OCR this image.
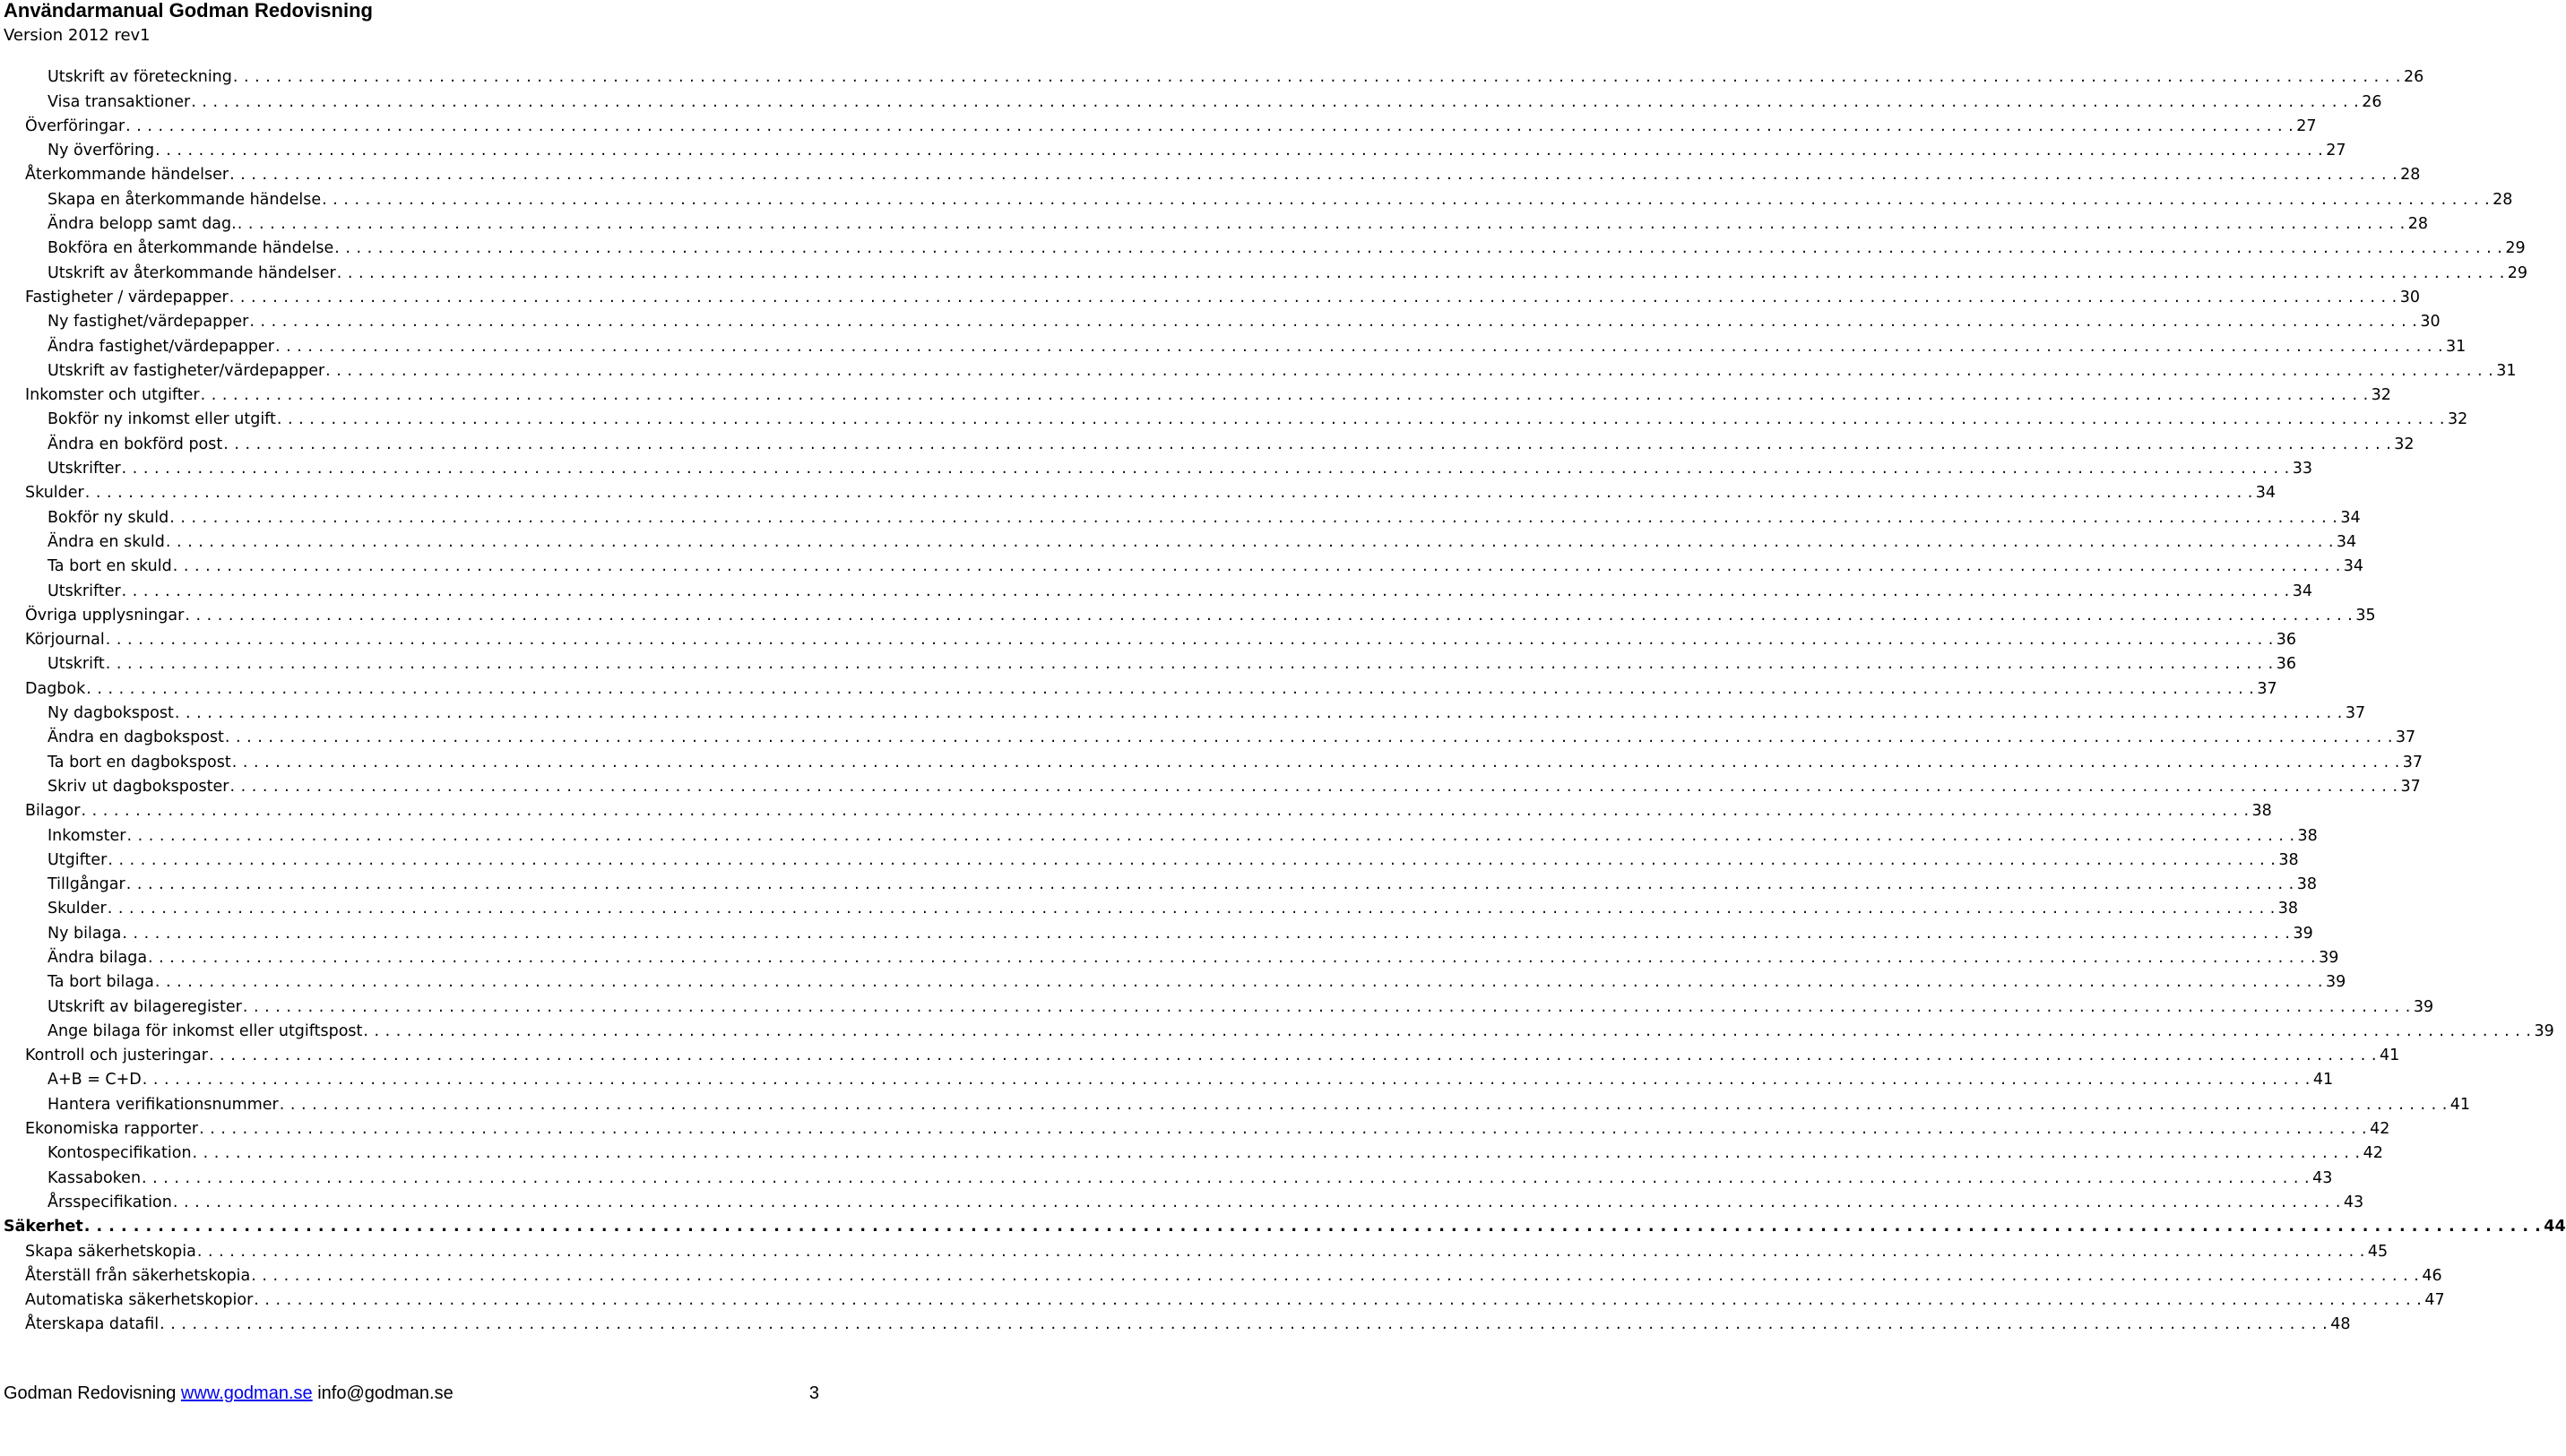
Användarmanual Godman Redovisning
Version 2012 rev1
Utskrift av företeckning . . . . . . . . . . . . . . . . . . . . . . . . . . . . . . . . . . . . . . . . . . . . . . . . . . . . . . . . . . . . . . . . . . . . . . . . . . . . . . . . . . . . . . . . . . . . . . . . . . . . . . . . . . . . . . . . . . . . . . . . . . . . . . . . . . . . . . . . . . . . . . . . . . . . . . . . . . . . . . . . . . . . . . . . . . . . . . . . . . . . . . . . . . . . . . . . . . . . . . . . 26
Visa transaktioner . . . . . . . . . . . . . . . . . . . . . . . . . . . . . . . . . . . . . . . . . . . . . . . . . . . . . . . . . . . . . . . . . . . . . . . . . . . . . . . . . . . . . . . . . . . . . . . . . . . . . . . . . . . . . . . . . . . . . . . . . . . . . . . . . . . . . . . . . . . . . . . . . . . . . . . . . . . . . . . . . . . . . . . . . . . . . . . . . . . . . . . . . . . . . . . . . . . . . . . . 26
Överföringar . . . . . . . . . . . . . . . . . . . . . . . . . . . . . . . . . . . . . . . . . . . . . . . . . . . . . . . . . . . . . . . . . . . . . . . . . . . . . . . . . . . . . . . . . . . . . . . . . . . . . . . . . . . . . . . . . . . . . . . . . . . . . . . . . . . . . . . . . . . . . . . . . . . . . . . . . . . . . . . . . . . . . . . . . . . . . . . . . . . . . . . . . . . . . . . . . . . . . . . . 27
Ny överföring . . . . . . . . . . . . . . . . . . . . . . . . . . . . . . . . . . . . . . . . . . . . . . . . . . . . . . . . . . . . . . . . . . . . . . . . . . . . . . . . . . . . . . . . . . . . . . . . . . . . . . . . . . . . . . . . . . . . . . . . . . . . . . . . . . . . . . . . . . . . . . . . . . . . . . . . . . . . . . . . . . . . . . . . . . . . . . . . . . . . . . . . . . . . . . . . . . . . . . . . 27
Återkommande händelser . . . . . . . . . . . . . . . . . . . . . . . . . . . . . . . . . . . . . . . . . . . . . . . . . . . . . . . . . . . . . . . . . . . . . . . . . . . . . . . . . . . . . . . . . . . . . . . . . . . . . . . . . . . . . . . . . . . . . . . . . . . . . . . . . . . . . . . . . . . . . . . . . . . . . . . . . . . . . . . . . . . . . . . . . . . . . . . . . . . . . . . . . . . . . . . . . . . . . . . . 28
Skapa en återkommande händelse . . . . . . . . . . . . . . . . . . . . . . . . . . . . . . . . . . . . . . . . . . . . . . . . . . . . . . . . . . . . . . . . . . . . . . . . . . . . . . . . . . . . . . . . . . . . . . . . . . . . . . . . . . . . . . . . . . . . . . . . . . . . . . . . . . . . . . . . . . . . . . . . . . . . . . . . . . . . . . . . . . . . . . . . . . . . . . . . . . . . . . . . . . . . . . . . . . . . . . . . 28
Ändra belopp samt dag. . . . . . . . . . . . . . . . . . . . . . . . . . . . . . . . . . . . . . . . . . . . . . . . . . . . . . . . . . . . . . . . . . . . . . . . . . . . . . . . . . . . . . . . . . . . . . . . . . . . . . . . . . . . . . . . . . . . . . . . . . . . . . . . . . . . . . . . . . . . . . . . . . . . . . . . . . . . . . . . . . . . . . . . . . . . . . . . . . . . . . . . . . . . . . . . . . . . . . . . . 28
Bokföra en återkommande händelse . . . . . . . . . . . . . . . . . . . . . . . . . . . . . . . . . . . . . . . . . . . . . . . . . . . . . . . . . . . . . . . . . . . . . . . . . . . . . . . . . . . . . . . . . . . . . . . . . . . . . . . . . . . . . . . . . . . . . . . . . . . . . . . . . . . . . . . . . . . . . . . . . . . . . . . . . . . . . . . . . . . . . . . . . . . . . . . . . . . . . . . . . . . . . . . . . . . . . . . . 29
Utskrift av återkommande händelser . . . . . . . . . . . . . . . . . . . . . . . . . . . . . . . . . . . . . . . . . . . . . . . . . . . . . . . . . . . . . . . . . . . . . . . . . . . . . . . . . . . . . . . . . . . . . . . . . . . . . . . . . . . . . . . . . . . . . . . . . . . . . . . . . . . . . . . . . . . . . . . . . . . . . . . . . . . . . . . . . . . . . . . . . . . . . . . . . . . . . . . . . . . . . . . . . . . . . . . . 29
Fastigheter / värdepapper . . . . . . . . . . . . . . . . . . . . . . . . . . . . . . . . . . . . . . . . . . . . . . . . . . . . . . . . . . . . . . . . . . . . . . . . . . . . . . . . . . . . . . . . . . . . . . . . . . . . . . . . . . . . . . . . . . . . . . . . . . . . . . . . . . . . . . . . . . . . . . . . . . . . . . . . . . . . . . . . . . . . . . . . . . . . . . . . . . . . . . . . . . . . . . . . . . . . . . . . 30
Ny fastighet/värdepapper . . . . . . . . . . . . . . . . . . . . . . . . . . . . . . . . . . . . . . . . . . . . . . . . . . . . . . . . . . . . . . . . . . . . . . . . . . . . . . . . . . . . . . . . . . . . . . . . . . . . . . . . . . . . . . . . . . . . . . . . . . . . . . . . . . . . . . . . . . . . . . . . . . . . . . . . . . . . . . . . . . . . . . . . . . . . . . . . . . . . . . . . . . . . . . . . . . . . . . . . 30
Ändra fastighet/värdepapper . . . . . . . . . . . . . . . . . . . . . . . . . . . . . . . . . . . . . . . . . . . . . . . . . . . . . . . . . . . . . . . . . . . . . . . . . . . . . . . . . . . . . . . . . . . . . . . . . . . . . . . . . . . . . . . . . . . . . . . . . . . . . . . . . . . . . . . . . . . . . . . . . . . . . . . . . . . . . . . . . . . . . . . . . . . . . . . . . . . . . . . . . . . . . . . . . . . . . . . . 31
Utskrift av fastigheter/värdepapper . . . . . . . . . . . . . . . . . . . . . . . . . . . . . . . . . . . . . . . . . . . . . . . . . . . . . . . . . . . . . . . . . . . . . . . . . . . . . . . . . . . . . . . . . . . . . . . . . . . . . . . . . . . . . . . . . . . . . . . . . . . . . . . . . . . . . . . . . . . . . . . . . . . . . . . . . . . . . . . . . . . . . . . . . . . . . . . . . . . . . . . . . . . . . . . . . . . . . . . . 31
Inkomster och utgifter . . . . . . . . . . . . . . . . . . . . . . . . . . . . . . . . . . . . . . . . . . . . . . . . . . . . . . . . . . . . . . . . . . . . . . . . . . . . . . . . . . . . . . . . . . . . . . . . . . . . . . . . . . . . . . . . . . . . . . . . . . . . . . . . . . . . . . . . . . . . . . . . . . . . . . . . . . . . . . . . . . . . . . . . . . . . . . . . . . . . . . . . . . . . . . . . . . . . . . . . 32
Bokför ny inkomst eller utgift . . . . . . . . . . . . . . . . . . . . . . . . . . . . . . . . . . . . . . . . . . . . . . . . . . . . . . . . . . . . . . . . . . . . . . . . . . . . . . . . . . . . . . . . . . . . . . . . . . . . . . . . . . . . . . . . . . . . . . . . . . . . . . . . . . . . . . . . . . . . . . . . . . . . . . . . . . . . . . . . . . . . . . . . . . . . . . . . . . . . . . . . . . . . . . . . . . . . . . . . 32
Ändra en bokförd post . . . . . . . . . . . . . . . . . . . . . . . . . . . . . . . . . . . . . . . . . . . . . . . . . . . . . . . . . . . . . . . . . . . . . . . . . . . . . . . . . . . . . . . . . . . . . . . . . . . . . . . . . . . . . . . . . . . . . . . . . . . . . . . . . . . . . . . . . . . . . . . . . . . . . . . . . . . . . . . . . . . . . . . . . . . . . . . . . . . . . . . . . . . . . . . . . . . . . . . . 32
Utskrifter . . . . . . . . . . . . . . . . . . . . . . . . . . . . . . . . . . . . . . . . . . . . . . . . . . . . . . . . . . . . . . . . . . . . . . . . . . . . . . . . . . . . . . . . . . . . . . . . . . . . . . . . . . . . . . . . . . . . . . . . . . . . . . . . . . . . . . . . . . . . . . . . . . . . . . . . . . . . . . . . . . . . . . . . . . . . . . . . . . . . . . . . . . . . . . . . . . . . . . . . 33
Skulder . . . . . . . . . . . . . . . . . . . . . . . . . . . . . . . . . . . . . . . . . . . . . . . . . . . . . . . . . . . . . . . . . . . . . . . . . . . . . . . . . . . . . . . . . . . . . . . . . . . . . . . . . . . . . . . . . . . . . . . . . . . . . . . . . . . . . . . . . . . . . . . . . . . . . . . . . . . . . . . . . . . . . . . . . . . . . . . . . . . . . . . . . . . . . . . . . . . . . . . . 34
Bokför ny skuld . . . . . . . . . . . . . . . . . . . . . . . . . . . . . . . . . . . . . . . . . . . . . . . . . . . . . . . . . . . . . . . . . . . . . . . . . . . . . . . . . . . . . . . . . . . . . . . . . . . . . . . . . . . . . . . . . . . . . . . . . . . . . . . . . . . . . . . . . . . . . . . . . . . . . . . . . . . . . . . . . . . . . . . . . . . . . . . . . . . . . . . . . . . . . . . . . . . . . . . . 34
Ändra en skuld . . . . . . . . . . . . . . . . . . . . . . . . . . . . . . . . . . . . . . . . . . . . . . . . . . . . . . . . . . . . . . . . . . . . . . . . . . . . . . . . . . . . . . . . . . . . . . . . . . . . . . . . . . . . . . . . . . . . . . . . . . . . . . . . . . . . . . . . . . . . . . . . . . . . . . . . . . . . . . . . . . . . . . . . . . . . . . . . . . . . . . . . . . . . . . . . . . . . . . . . 34
Ta bort en skuld . . . . . . . . . . . . . . . . . . . . . . . . . . . . . . . . . . . . . . . . . . . . . . . . . . . . . . . . . . . . . . . . . . . . . . . . . . . . . . . . . . . . . . . . . . . . . . . . . . . . . . . . . . . . . . . . . . . . . . . . . . . . . . . . . . . . . . . . . . . . . . . . . . . . . . . . . . . . . . . . . . . . . . . . . . . . . . . . . . . . . . . . . . . . . . . . . . . . . . . . 34
Utskrifter . . . . . . . . . . . . . . . . . . . . . . . . . . . . . . . . . . . . . . . . . . . . . . . . . . . . . . . . . . . . . . . . . . . . . . . . . . . . . . . . . . . . . . . . . . . . . . . . . . . . . . . . . . . . . . . . . . . . . . . . . . . . . . . . . . . . . . . . . . . . . . . . . . . . . . . . . . . . . . . . . . . . . . . . . . . . . . . . . . . . . . . . . . . . . . . . . . . . . . . . 34
Övriga upplysningar . . . . . . . . . . . . . . . . . . . . . . . . . . . . . . . . . . . . . . . . . . . . . . . . . . . . . . . . . . . . . . . . . . . . . . . . . . . . . . . . . . . . . . . . . . . . . . . . . . . . . . . . . . . . . . . . . . . . . . . . . . . . . . . . . . . . . . . . . . . . . . . . . . . . . . . . . . . . . . . . . . . . . . . . . . . . . . . . . . . . . . . . . . . . . . . . . . . . . . . . 35
Körjournal . . . . . . . . . . . . . . . . . . . . . . . . . . . . . . . . . . . . . . . . . . . . . . . . . . . . . . . . . . . . . . . . . . . . . . . . . . . . . . . . . . . . . . . . . . . . . . . . . . . . . . . . . . . . . . . . . . . . . . . . . . . . . . . . . . . . . . . . . . . . . . . . . . . . . . . . . . . . . . . . . . . . . . . . . . . . . . . . . . . . . . . . . . . . . . . . . . . . . . . . 36
Utskrift . . . . . . . . . . . . . . . . . . . . . . . . . . . . . . . . . . . . . . . . . . . . . . . . . . . . . . . . . . . . . . . . . . . . . . . . . . . . . . . . . . . . . . . . . . . . . . . . . . . . . . . . . . . . . . . . . . . . . . . . . . . . . . . . . . . . . . . . . . . . . . . . . . . . . . . . . . . . . . . . . . . . . . . . . . . . . . . . . . . . . . . . . . . . . . . . . . . . . . . . 36
Dagbok . . . . . . . . . . . . . . . . . . . . . . . . . . . . . . . . . . . . . . . . . . . . . . . . . . . . . . . . . . . . . . . . . . . . . . . . . . . . . . . . . . . . . . . . . . . . . . . . . . . . . . . . . . . . . . . . . . . . . . . . . . . . . . . . . . . . . . . . . . . . . . . . . . . . . . . . . . . . . . . . . . . . . . . . . . . . . . . . . . . . . . . . . . . . . . . . . . . . . . . . 37
Ny dagbokspost . . . . . . . . . . . . . . . . . . . . . . . . . . . . . . . . . . . . . . . . . . . . . . . . . . . . . . . . . . . . . . . . . . . . . . . . . . . . . . . . . . . . . . . . . . . . . . . . . . . . . . . . . . . . . . . . . . . . . . . . . . . . . . . . . . . . . . . . . . . . . . . . . . . . . . . . . . . . . . . . . . . . . . . . . . . . . . . . . . . . . . . . . . . . . . . . . . . . . . . . 37
Ändra en dagbokspost . . . . . . . . . . . . . . . . . . . . . . . . . . . . . . . . . . . . . . . . . . . . . . . . . . . . . . . . . . . . . . . . . . . . . . . . . . . . . . . . . . . . . . . . . . . . . . . . . . . . . . . . . . . . . . . . . . . . . . . . . . . . . . . . . . . . . . . . . . . . . . . . . . . . . . . . . . . . . . . . . . . . . . . . . . . . . . . . . . . . . . . . . . . . . . . . . . . . . . . . 37
Ta bort en dagbokspost . . . . . . . . . . . . . . . . . . . . . . . . . . . . . . . . . . . . . . . . . . . . . . . . . . . . . . . . . . . . . . . . . . . . . . . . . . . . . . . . . . . . . . . . . . . . . . . . . . . . . . . . . . . . . . . . . . . . . . . . . . . . . . . . . . . . . . . . . . . . . . . . . . . . . . . . . . . . . . . . . . . . . . . . . . . . . . . . . . . . . . . . . . . . . . . . . . . . . . . . 37
Skriv ut dagboksposter . . . . . . . . . . . . . . . . . . . . . . . . . . . . . . . . . . . . . . . . . . . . . . . . . . . . . . . . . . . . . . . . . . . . . . . . . . . . . . . . . . . . . . . . . . . . . . . . . . . . . . . . . . . . . . . . . . . . . . . . . . . . . . . . . . . . . . . . . . . . . . . . . . . . . . . . . . . . . . . . . . . . . . . . . . . . . . . . . . . . . . . . . . . . . . . . . . . . . . . . 37
Bilagor . . . . . . . . . . . . . . . . . . . . . . . . . . . . . . . . . . . . . . . . . . . . . . . . . . . . . . . . . . . . . . . . . . . . . . . . . . . . . . . . . . . . . . . . . . . . . . . . . . . . . . . . . . . . . . . . . . . . . . . . . . . . . . . . . . . . . . . . . . . . . . . . . . . . . . . . . . . . . . . . . . . . . . . . . . . . . . . . . . . . . . . . . . . . . . . . . . . . . . . . 38
Inkomster . . . . . . . . . . . . . . . . . . . . . . . . . . . . . . . . . . . . . . . . . . . . . . . . . . . . . . . . . . . . . . . . . . . . . . . . . . . . . . . . . . . . . . . . . . . . . . . . . . . . . . . . . . . . . . . . . . . . . . . . . . . . . . . . . . . . . . . . . . . . . . . . . . . . . . . . . . . . . . . . . . . . . . . . . . . . . . . . . . . . . . . . . . . . . . . . . . . . . . . . 38
Utgifter . . . . . . . . . . . . . . . . . . . . . . . . . . . . . . . . . . . . . . . . . . . . . . . . . . . . . . . . . . . . . . . . . . . . . . . . . . . . . . . . . . . . . . . . . . . . . . . . . . . . . . . . . . . . . . . . . . . . . . . . . . . . . . . . . . . . . . . . . . . . . . . . . . . . . . . . . . . . . . . . . . . . . . . . . . . . . . . . . . . . . . . . . . . . . . . . . . . . . . . . 38
Tillgångar . . . . . . . . . . . . . . . . . . . . . . . . . . . . . . . . . . . . . . . . . . . . . . . . . . . . . . . . . . . . . . . . . . . . . . . . . . . . . . . . . . . . . . . . . . . . . . . . . . . . . . . . . . . . . . . . . . . . . . . . . . . . . . . . . . . . . . . . . . . . . . . . . . . . . . . . . . . . . . . . . . . . . . . . . . . . . . . . . . . . . . . . . . . . . . . . . . . . . . . . 38
Skulder . . . . . . . . . . . . . . . . . . . . . . . . . . . . . . . . . . . . . . . . . . . . . . . . . . . . . . . . . . . . . . . . . . . . . . . . . . . . . . . . . . . . . . . . . . . . . . . . . . . . . . . . . . . . . . . . . . . . . . . . . . . . . . . . . . . . . . . . . . . . . . . . . . . . . . . . . . . . . . . . . . . . . . . . . . . . . . . . . . . . . . . . . . . . . . . . . . . . . . . . 38
Ny bilaga . . . . . . . . . . . . . . . . . . . . . . . . . . . . . . . . . . . . . . . . . . . . . . . . . . . . . . . . . . . . . . . . . . . . . . . . . . . . . . . . . . . . . . . . . . . . . . . . . . . . . . . . . . . . . . . . . . . . . . . . . . . . . . . . . . . . . . . . . . . . . . . . . . . . . . . . . . . . . . . . . . . . . . . . . . . . . . . . . . . . . . . . . . . . . . . . . . . . . . . . 39
Ändra bilaga . . . . . . . . . . . . . . . . . . . . . . . . . . . . . . . . . . . . . . . . . . . . . . . . . . . . . . . . . . . . . . . . . . . . . . . . . . . . . . . . . . . . . . . . . . . . . . . . . . . . . . . . . . . . . . . . . . . . . . . . . . . . . . . . . . . . . . . . . . . . . . . . . . . . . . . . . . . . . . . . . . . . . . . . . . . . . . . . . . . . . . . . . . . . . . . . . . . . . . . . 39
Ta bort bilaga . . . . . . . . . . . . . . . . . . . . . . . . . . . . . . . . . . . . . . . . . . . . . . . . . . . . . . . . . . . . . . . . . . . . . . . . . . . . . . . . . . . . . . . . . . . . . . . . . . . . . . . . . . . . . . . . . . . . . . . . . . . . . . . . . . . . . . . . . . . . . . . . . . . . . . . . . . . . . . . . . . . . . . . . . . . . . . . . . . . . . . . . . . . . . . . . . . . . . . . . 39
Utskrift av bilageregister . . . . . . . . . . . . . . . . . . . . . . . . . . . . . . . . . . . . . . . . . . . . . . . . . . . . . . . . . . . . . . . . . . . . . . . . . . . . . . . . . . . . . . . . . . . . . . . . . . . . . . . . . . . . . . . . . . . . . . . . . . . . . . . . . . . . . . . . . . . . . . . . . . . . . . . . . . . . . . . . . . . . . . . . . . . . . . . . . . . . . . . . . . . . . . . . . . . . . . . . 39
Ange bilaga för inkomst eller utgiftspost . . . . . . . . . . . . . . . . . . . . . . . . . . . . . . . . . . . . . . . . . . . . . . . . . . . . . . . . . . . . . . . . . . . . . . . . . . . . . . . . . . . . . . . . . . . . . . . . . . . . . . . . . . . . . . . . . . . . . . . . . . . . . . . . . . . . . . . . . . . . . . . . . . . . . . . . . . . . . . . . . . . . . . . . . . . . . . . . . . . . . . . . . . . . . . . . . . . . . . . . 39
Kontroll och justeringar . . . . . . . . . . . . . . . . . . . . . . . . . . . . . . . . . . . . . . . . . . . . . . . . . . . . . . . . . . . . . . . . . . . . . . . . . . . . . . . . . . . . . . . . . . . . . . . . . . . . . . . . . . . . . . . . . . . . . . . . . . . . . . . . . . . . . . . . . . . . . . . . . . . . . . . . . . . . . . . . . . . . . . . . . . . . . . . . . . . . . . . . . . . . . . . . . . . . . . . . 41
A+B = C+D . . . . . . . . . . . . . . . . . . . . . . . . . . . . . . . . . . . . . . . . . . . . . . . . . . . . . . . . . . . . . . . . . . . . . . . . . . . . . . . . . . . . . . . . . . . . . . . . . . . . . . . . . . . . . . . . . . . . . . . . . . . . . . . . . . . . . . . . . . . . . . . . . . . . . . . . . . . . . . . . . . . . . . . . . . . . . . . . . . . . . . . . . . . . . . . . . . . . . . . . 41
Hantera verifikationsnummer . . . . . . . . . . . . . . . . . . . . . . . . . . . . . . . . . . . . . . . . . . . . . . . . . . . . . . . . . . . . . . . . . . . . . . . . . . . . . . . . . . . . . . . . . . . . . . . . . . . . . . . . . . . . . . . . . . . . . . . . . . . . . . . . . . . . . . . . . . . . . . . . . . . . . . . . . . . . . . . . . . . . . . . . . . . . . . . . . . . . . . . . . . . . . . . . . . . . . . . . 41
Ekonomiska rapporter . . . . . . . . . . . . . . . . . . . . . . . . . . . . . . . . . . . . . . . . . . . . . . . . . . . . . . . . . . . . . . . . . . . . . . . . . . . . . . . . . . . . . . . . . . . . . . . . . . . . . . . . . . . . . . . . . . . . . . . . . . . . . . . . . . . . . . . . . . . . . . . . . . . . . . . . . . . . . . . . . . . . . . . . . . . . . . . . . . . . . . . . . . . . . . . . . . . . . . . . 42
Kontospecifikation . . . . . . . . . . . . . . . . . . . . . . . . . . . . . . . . . . . . . . . . . . . . . . . . . . . . . . . . . . . . . . . . . . . . . . . . . . . . . . . . . . . . . . . . . . . . . . . . . . . . . . . . . . . . . . . . . . . . . . . . . . . . . . . . . . . . . . . . . . . . . . . . . . . . . . . . . . . . . . . . . . . . . . . . . . . . . . . . . . . . . . . . . . . . . . . . . . . . . . . . 42
Kassaboken . . . . . . . . . . . . . . . . . . . . . . . . . . . . . . . . . . . . . . . . . . . . . . . . . . . . . . . . . . . . . . . . . . . . . . . . . . . . . . . . . . . . . . . . . . . . . . . . . . . . . . . . . . . . . . . . . . . . . . . . . . . . . . . . . . . . . . . . . . . . . . . . . . . . . . . . . . . . . . . . . . . . . . . . . . . . . . . . . . . . . . . . . . . . . . . . . . . . . . . . 43
Årsspecifikation . . . . . . . . . . . . . . . . . . . . . . . . . . . . . . . . . . . . . . . . . . . . . . . . . . . . . . . . . . . . . . . . . . . . . . . . . . . . . . . . . . . . . . . . . . . . . . . . . . . . . . . . . . . . . . . . . . . . . . . . . . . . . . . . . . . . . . . . . . . . . . . . . . . . . . . . . . . . . . . . . . . . . . . . . . . . . . . . . . . . . . . . . . . . . . . . . . . . . . . . 43
Säkerhet . . . . . . . . . . . . . . . . . . . . . . . . . . . . . . . . . . . . . . . . . . . . . . . . . . . . . . . . . . . . . . . . . . . . . . . . . . . . . . . . . . . . . . . . . . . . . . . . . . . . . . . . . . . . . . . . . . . . . . . . . . . . . . . . . . . . . . . . . . . . . . . . . . . . . . . . . . . . . . . . . . . . . . . . . . . . . . . . . . . . . . . . . . . . . . . . . . . . . . . . 44
Skapa säkerhetskopia . . . . . . . . . . . . . . . . . . . . . . . . . . . . . . . . . . . . . . . . . . . . . . . . . . . . . . . . . . . . . . . . . . . . . . . . . . . . . . . . . . . . . . . . . . . . . . . . . . . . . . . . . . . . . . . . . . . . . . . . . . . . . . . . . . . . . . . . . . . . . . . . . . . . . . . . . . . . . . . . . . . . . . . . . . . . . . . . . . . . . . . . . . . . . . . . . . . . . . . . 45
Återställ från säkerhetskopia . . . . . . . . . . . . . . . . . . . . . . . . . . . . . . . . . . . . . . . . . . . . . . . . . . . . . . . . . . . . . . . . . . . . . . . . . . . . . . . . . . . . . . . . . . . . . . . . . . . . . . . . . . . . . . . . . . . . . . . . . . . . . . . . . . . . . . . . . . . . . . . . . . . . . . . . . . . . . . . . . . . . . . . . . . . . . . . . . . . . . . . . . . . . . . . . . . . . . . . . 46
Automatiska säkerhetskopior . . . . . . . . . . . . . . . . . . . . . . . . . . . . . . . . . . . . . . . . . . . . . . . . . . . . . . . . . . . . . . . . . . . . . . . . . . . . . . . . . . . . . . . . . . . . . . . . . . . . . . . . . . . . . . . . . . . . . . . . . . . . . . . . . . . . . . . . . . . . . . . . . . . . . . . . . . . . . . . . . . . . . . . . . . . . . . . . . . . . . . . . . . . . . . . . . . . . . . . . 47
Återskapa datafil . . . . . . . . . . . . . . . . . . . . . . . . . . . . . . . . . . . . . . . . . . . . . . . . . . . . . . . . . . . . . . . . . . . . . . . . . . . . . . . . . . . . . . . . . . . . . . . . . . . . . . . . . . . . . . . . . . . . . . . . . . . . . . . . . . . . . . . . . . . . . . . . . . . . . . . . . . . . . . . . . . . . . . . . . . . . . . . . . . . . . . . . . . . . . . . . . . . . . . . . 48
Godman Redovisning www.godman.se info@godman.se	3
